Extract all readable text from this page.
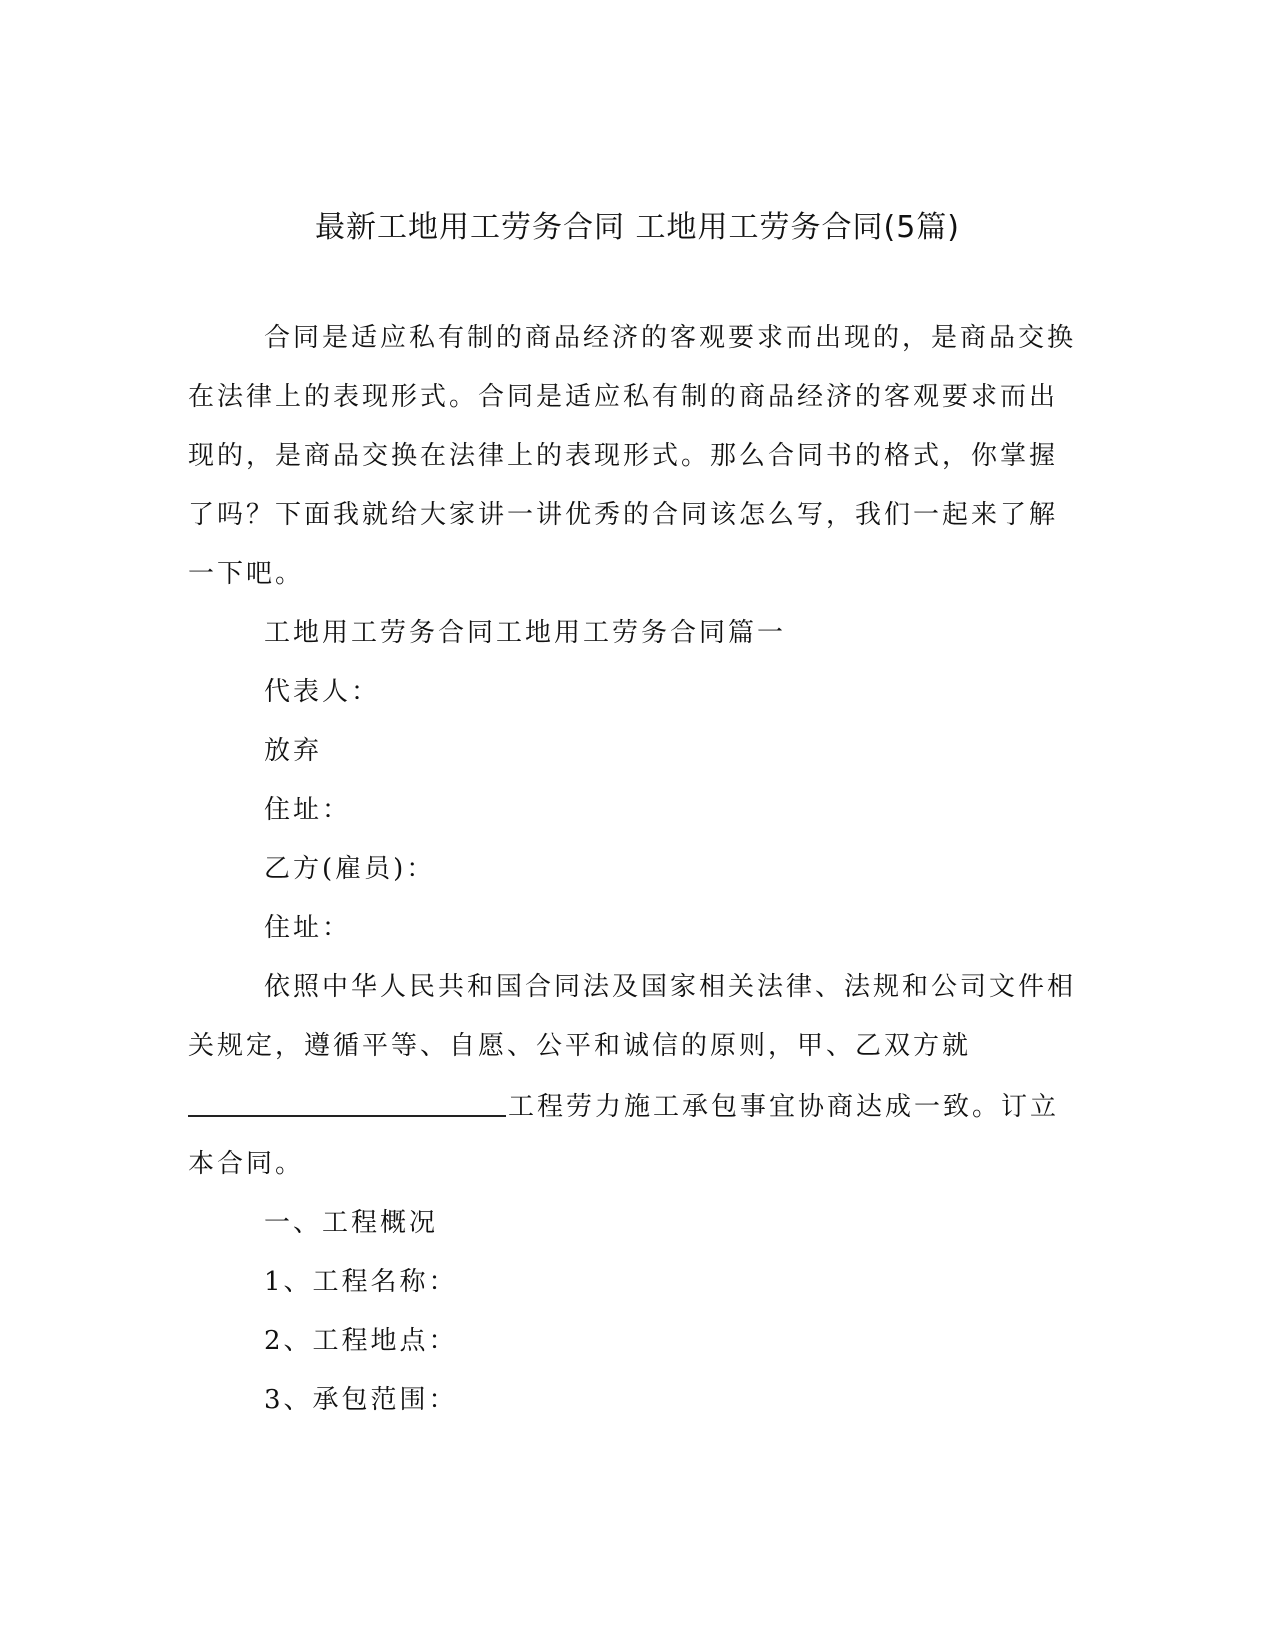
最新工地用工劳务合同 工地用工劳务合同(5篇)
合同是适应私有制的商品经济的客观要求而出现的，是商品交换
在法律上的表现形式。合同是适应私有制的商品经济的客观要求而出
现的，是商品交换在法律上的表现形式。那么合同书的格式，你掌握
了吗？下面我就给大家讲一讲优秀的合同该怎么写，我们一起来了解
一下吧。
工地用工劳务合同工地用工劳务合同篇一
代表人：
放弃
住址：
乙方(雇员)：
住址：
依照中华人民共和国合同法及国家相关法律、法规和公司文件相
关规定，遵循平等、自愿、公平和诚信的原则，甲、乙双方就
工程劳力施工承包事宜协商达成一致。订立
本合同。
一、工程概况
1、工程名称：
2、工程地点：
3、承包范围：
